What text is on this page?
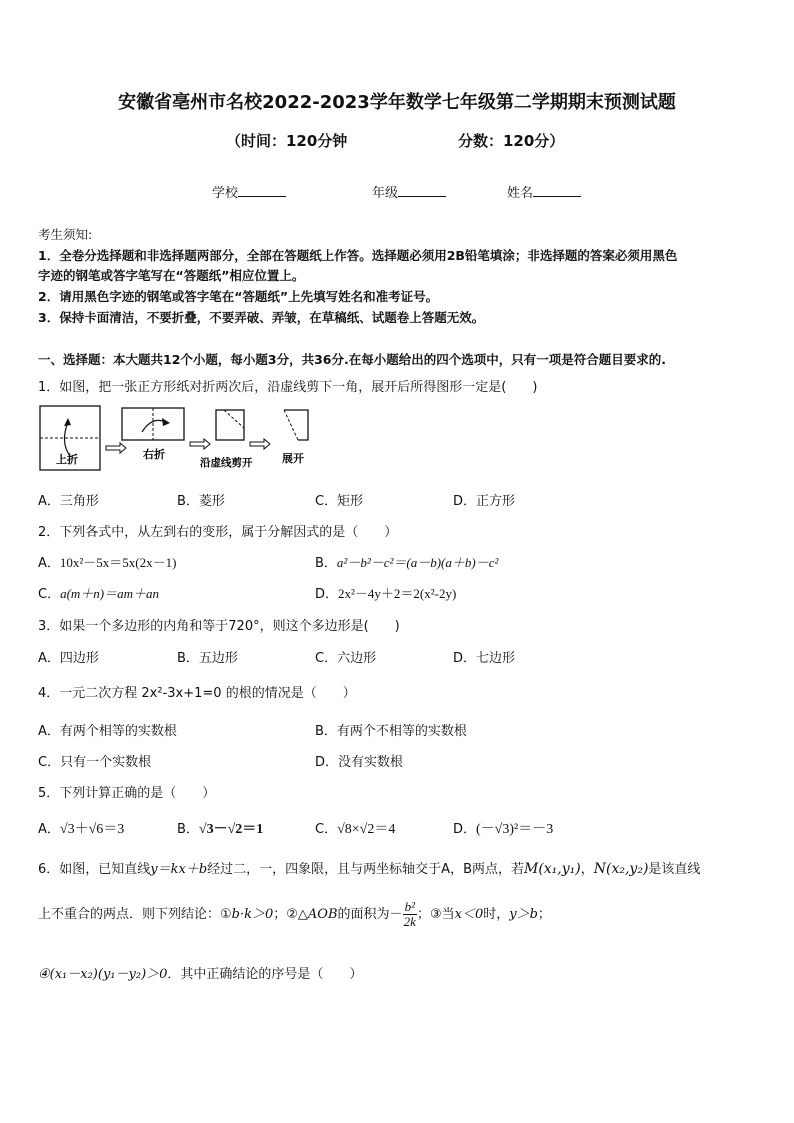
安徽省亳州市名校2022-2023学年数学七年级第二学期期末预测试题
（时间：120分钟	分数：120分）
学校	年级	姓名
考生须知:
1．全卷分选择题和非选择题两部分，全部在答题纸上作答。选择题必须用2B铅笔填涂；非选择题的答案必须用黑色
字迹的钢笔或答字笔写在“答题纸”相应位置上。
2．请用黑色字迹的钢笔或答字笔在“答题纸”上先填写姓名和准考证号。
3．保持卡面清洁，不要折叠，不要弄破、弄皱，在草稿纸、试题卷上答题无效。
一、选择题：本大题共12个小题，每小题3分，共36分.在每小题给出的四个选项中，只有一项是符合题目要求的.
1．如图，把一张正方形纸对折两次后，沿虚线剪下一角，展开后所得图形一定是(　　)
上折	右折
沿虚线剪开	展开
A．三角形	B．菱形	C．矩形	D．正方形
2．下列各式中，从左到右的变形，属于分解因式的是（　　）
A．10x²－5x＝5x(2x－1)	B．a²－b²－c²＝(a－b)(a＋b)－c²
C．a(m＋n)＝am＋an	D．2x²－4y＋2＝2(x²-2y)
3．如果一个多边形的内角和等于720°，则这个多边形是(　　)
A．四边形	B．五边形	C．六边形	D．七边形
4．一元二次方程 2x²-3x+1=0 的根的情况是（　　）
A．有两个相等的实数根	B．有两个不相等的实数根
C．只有一个实数根	D．没有实数根
5．下列计算正确的是（　　）
A．√3＋√6＝3	B．√3－√2＝1	C．√8×√2＝4	D．(－√3)²＝－3
6．如图，已知直线y＝kx＋b经过二，一，四象限，且与两坐标轴交于A，B两点，若M(x₁,y₁)，N(x₂,y₂)是该直线
上不重合的两点．则下列结论：①b·k＞0；②△AOB的面积为－ $\frac{\text{b²}}{2k}$ ；③当x＜0时，y＞b；
④(x₁－x₂)(y₁－y₂)＞0．其中正确结论的序号是（　　）
